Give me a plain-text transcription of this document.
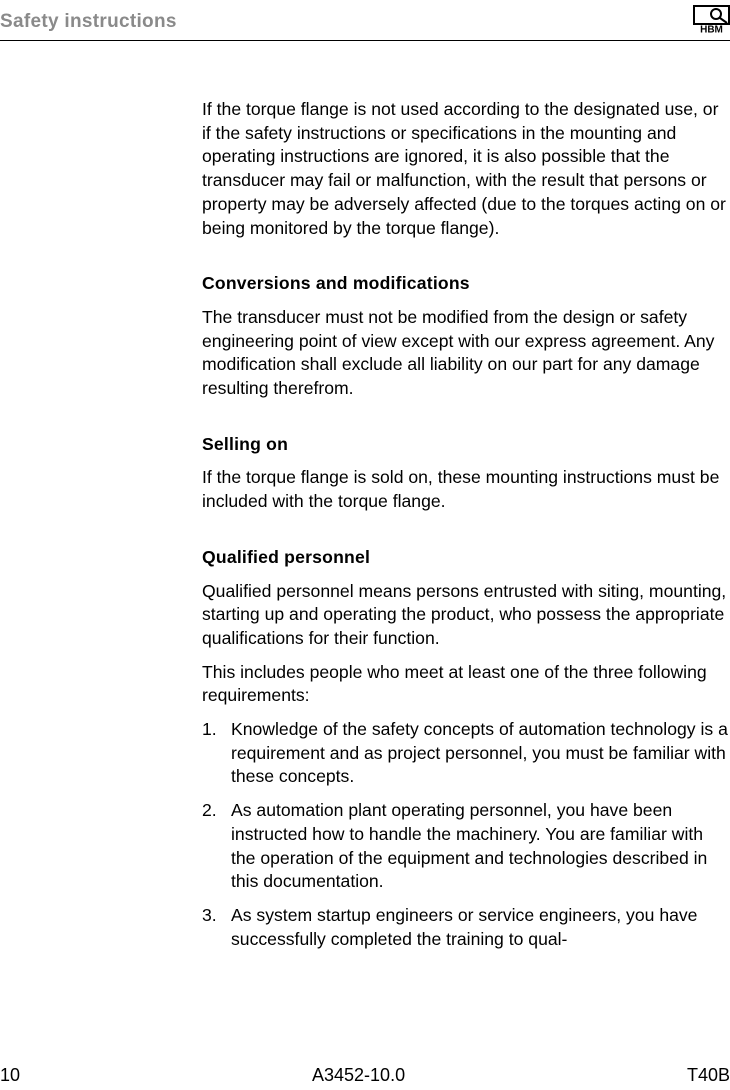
Safety instructions	HBM

If the torque flange is not used according to the designated use, or if the safety instructions or specifications in the mounting and operating instructions are ignored, it is also possible that the transducer may fail or malfunction, with the result that persons or property may be adversely affected (due to the torques acting on or being monitored by the torque flange).

Conversions and modifications

The transducer must not be modified from the design or safety engineering point of view except with our express agreement. Any modification shall exclude all liability on our part for any damage resulting therefrom.

Selling on

If the torque flange is sold on, these mounting instructions must be included with the torque flange.

Qualified personnel

Qualified personnel means persons entrusted with siting, mounting, starting up and operating the product, who possess the appropriate qualifications for their function.

This includes people who meet at least one of the three following requirements:

1. Knowledge of the safety concepts of automation technology is a requirement and as project personnel, you must be familiar with these concepts.
2. As automation plant operating personnel, you have been instructed how to handle the machinery. You are familiar with the operation of the equipment and technologies described in this documentation.
3. As system startup engineers or service engineers, you have successfully completed the training to qual-
10	A3452-10.0	T40B
